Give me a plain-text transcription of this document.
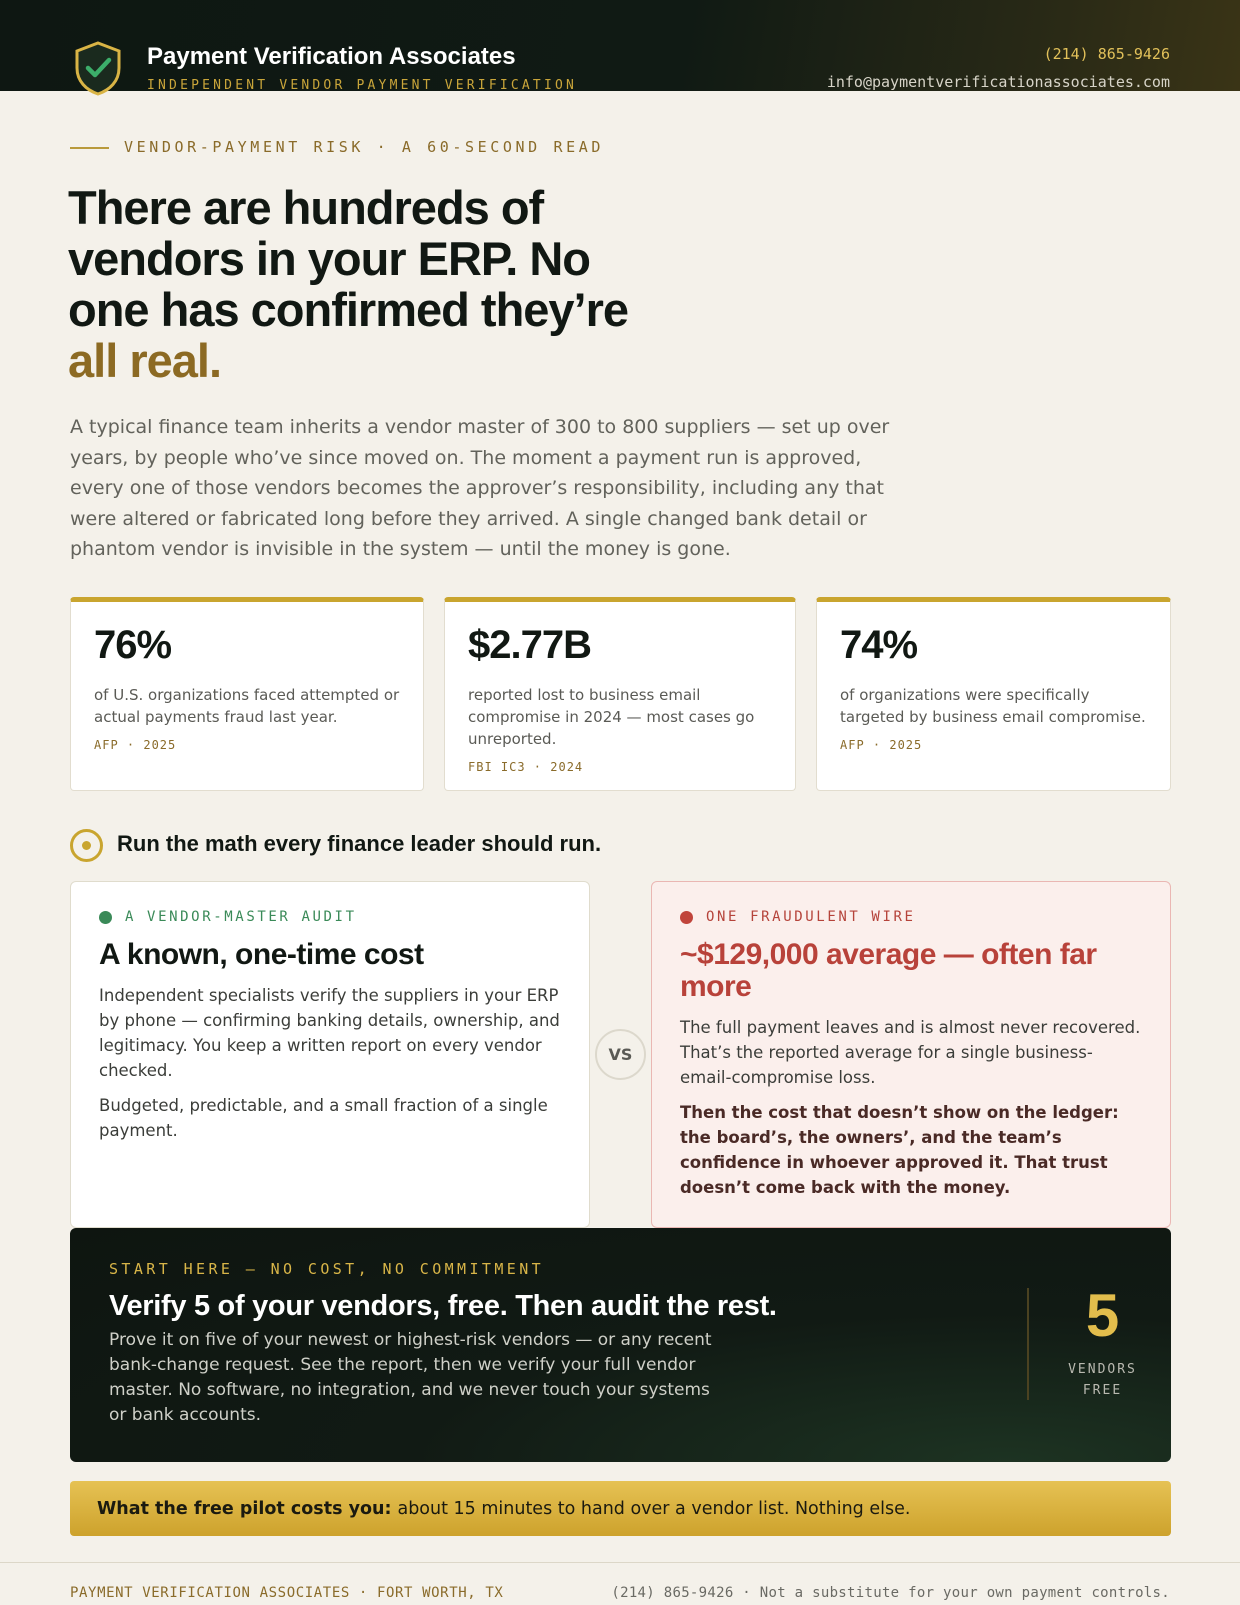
Payment Verification Associates
INDEPENDENT VENDOR PAYMENT VERIFICATION
(214) 865-9426
info@paymentverificationassociates.com
VENDOR-PAYMENT RISK · A 60-SECOND READ
There are hundreds of vendors in your ERP. No one has confirmed they’re all real.

A typical finance team inherits a vendor master of 300 to 800 suppliers — set up over years, by people who’ve since moved on. The moment a payment run is approved, every one of those vendors becomes the approver’s responsibility, including any that were altered or fabricated long before they arrived. A single changed bank detail or phantom vendor is invisible in the system — until the money is gone.

76%
of U.S. organizations faced attempted or actual payments fraud last year.
AFP · 2025
$2.77B
reported lost to business email compromise in 2024 — most cases go unreported.
FBI IC3 · 2024
74%
of organizations were specifically targeted by business email compromise.
AFP · 2025
Run the math every finance leader should run.
A VENDOR-MASTER AUDIT
A known, one-time cost
Independent specialists verify the suppliers in your ERP by phone — confirming banking details, ownership, and legitimacy. You keep a written report on every vendor checked.
Budgeted, predictable, and a small fraction of a single payment.
VS
ONE FRAUDULENT WIRE
~$129,000 average — often far more
The full payment leaves and is almost never recovered. That’s the reported average for a single business-email-compromise loss.
Then the cost that doesn’t show on the ledger: the board’s, the owners’, and the team’s confidence in whoever approved it. That trust doesn’t come back with the money.
START HERE — NO COST, NO COMMITMENT
Verify 5 of your vendors, free. Then audit the rest.
Prove it on five of your newest or highest-risk vendors — or any recent bank-change request. See the report, then we verify your full vendor master. No software, no integration, and we never touch your systems or bank accounts.
5
VENDORS
FREE
What the free pilot costs you: about 15 minutes to hand over a vendor list. Nothing else.
PAYMENT VERIFICATION ASSOCIATES · FORT WORTH, TX	(214) 865-9426 · Not a substitute for your own payment controls.
